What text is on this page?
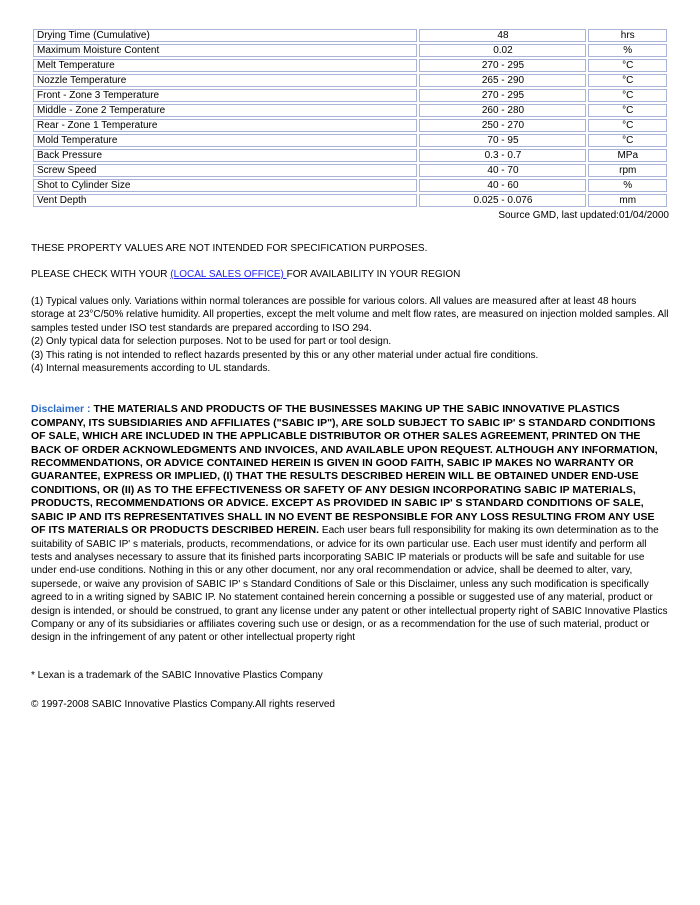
Drying Time (Cumulative)	48	hrs
Maximum Moisture Content	0.02	%
Melt Temperature	270 - 295	°C
Nozzle Temperature	265 - 290	°C
Front - Zone 3 Temperature	270 - 295	°C
Middle - Zone 2 Temperature	260 - 280	°C
Rear - Zone 1 Temperature	250 - 270	°C
Mold Temperature	70 - 95	°C
Back Pressure	0.3 - 0.7	MPa
Screw Speed	40 - 70	rpm
Shot to Cylinder Size	40 - 60	%
Vent Depth	0.025 - 0.076	mm
Source GMD, last updated:01/04/2000
THESE PROPERTY VALUES ARE NOT INTENDED FOR SPECIFICATION PURPOSES.
PLEASE CHECK WITH YOUR (LOCAL SALES OFFICE) FOR AVAILABILITY IN YOUR REGION
(1) Typical values only. Variations within normal tolerances are possible for various colors. All values are measured after at least 48 hours storage at 23°C/50% relative humidity. All properties, except the melt volume and melt flow rates, are measured on injection molded samples. All samples tested under ISO test standards are prepared according to ISO 294.
(2) Only typical data for selection purposes. Not to be used for part or tool design.
(3) This rating is not intended to reflect hazards presented by this or any other material under actual fire conditions.
(4) Internal measurements according to UL standards.
Disclaimer : THE MATERIALS AND PRODUCTS OF THE BUSINESSES MAKING UP THE SABIC INNOVATIVE PLASTICS COMPANY, ITS SUBSIDIARIES AND AFFILIATES ("SABIC IP"), ARE SOLD SUBJECT TO SABIC IP' S STANDARD CONDITIONS OF SALE, WHICH ARE INCLUDED IN THE APPLICABLE DISTRIBUTOR OR OTHER SALES AGREEMENT, PRINTED ON THE BACK OF ORDER ACKNOWLEDGMENTS AND INVOICES, AND AVAILABLE UPON REQUEST. ALTHOUGH ANY INFORMATION, RECOMMENDATIONS, OR ADVICE CONTAINED HEREIN IS GIVEN IN GOOD FAITH, SABIC IP MAKES NO WARRANTY OR GUARANTEE, EXPRESS OR IMPLIED, (I) THAT THE RESULTS DESCRIBED HEREIN WILL BE OBTAINED UNDER END-USE CONDITIONS, OR (II) AS TO THE EFFECTIVENESS OR SAFETY OF ANY DESIGN INCORPORATING SABIC IP MATERIALS, PRODUCTS, RECOMMENDATIONS OR ADVICE. EXCEPT AS PROVIDED IN SABIC IP' S STANDARD CONDITIONS OF SALE, SABIC IP AND ITS REPRESENTATIVES SHALL IN NO EVENT BE RESPONSIBLE FOR ANY LOSS RESULTING FROM ANY USE OF ITS MATERIALS OR PRODUCTS DESCRIBED HEREIN. Each user bears full responsibility for making its own determination as to the suitability of SABIC IP' s materials, products, recommendations, or advice for its own particular use. Each user must identify and perform all tests and analyses necessary to assure that its finished parts incorporating SABIC IP materials or products will be safe and suitable for use under end-use conditions. Nothing in this or any other document, nor any oral recommendation or advice, shall be deemed to alter, vary, supersede, or waive any provision of SABIC IP' s Standard Conditions of Sale or this Disclaimer, unless any such modification is specifically agreed to in a writing signed by SABIC IP. No statement contained herein concerning a possible or suggested use of any material, product or design is intended, or should be construed, to grant any license under any patent or other intellectual property right of SABIC Innovative Plastics Company or any of its subsidiaries or affiliates covering such use or design, or as a recommendation for the use of such material, product or design in the infringement of any patent or other intellectual property right
* Lexan is a trademark of the SABIC Innovative Plastics Company
© 1997-2008 SABIC Innovative Plastics Company.All rights reserved
